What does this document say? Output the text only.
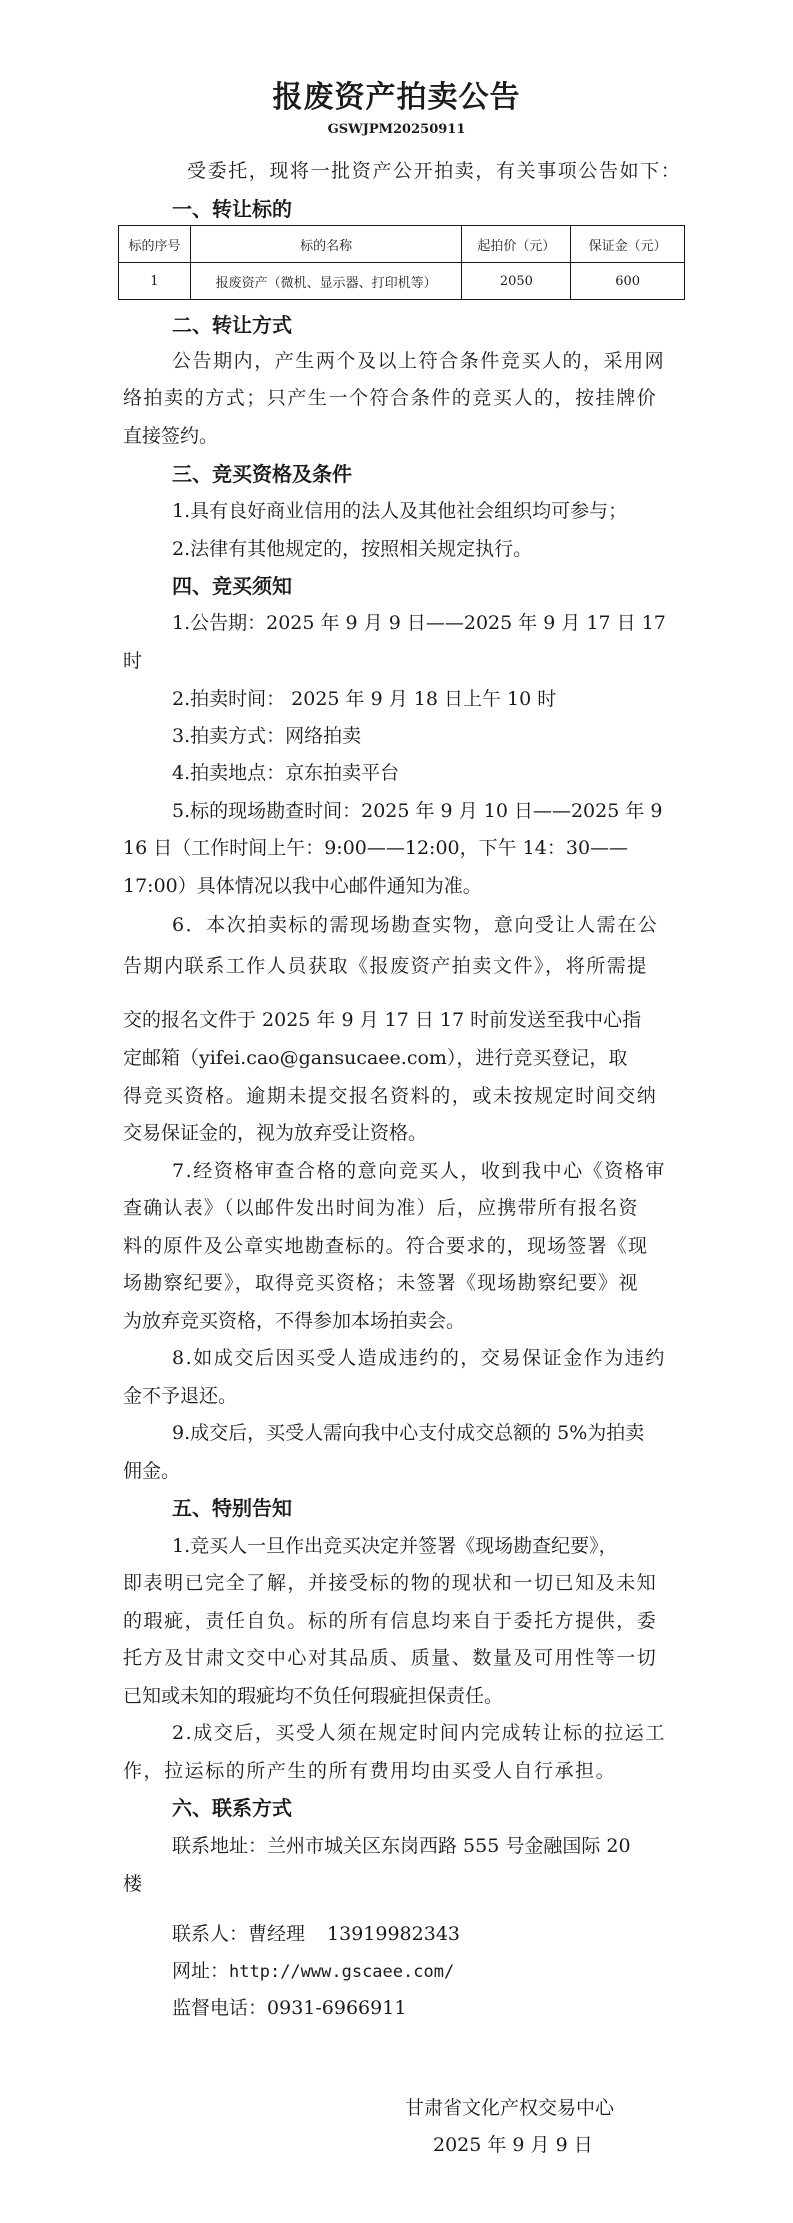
报废资产拍卖公告
GSWJPM20250911
受委托，现将一批资产公开拍卖，有关事项公告如下：
一、转让标的
标的序号	标的名称	起拍价（元）	保证金（元）
1	报废资产（微机、显示器、打印机等）	2050	600
二、转让方式
公告期内，产生两个及以上符合条件竞买人的，采用网
络拍卖的方式；只产生一个符合条件的竞买人的，按挂牌价
直接签约。
三、竞买资格及条件
1.具有良好商业信用的法人及其他社会组织均可参与；
2.法律有其他规定的，按照相关规定执行。
四、竞买须知
1.公告期：2025 年 9 月 9 日——2025 年 9 月 17 日 17
时
2.拍卖时间： 2025 年 9 月 18 日上午 10 时
3.拍卖方式：网络拍卖
4.拍卖地点：京东拍卖平台
5.标的现场勘查时间：2025 年 9 月 10 日——2025 年 9
16 日（工作时间上午：9:00——12:00，下午 14：30——
17:00）具体情况以我中心邮件通知为准。
6．本次拍卖标的需现场勘查实物，意向受让人需在公
告期内联系工作人员获取《报废资产拍卖文件》，将所需提
交的报名文件于 2025 年 9 月 17 日 17 时前发送至我中心指
定邮箱（yifei.cao@gansucaee.com），进行竞买登记，取
得竞买资格。逾期未提交报名资料的，或未按规定时间交纳
交易保证金的，视为放弃受让资格。
7.经资格审查合格的意向竞买人，收到我中心《资格审
查确认表》（以邮件发出时间为准）后，应携带所有报名资
料的原件及公章实地勘查标的。符合要求的，现场签署《现
场勘察纪要》，取得竞买资格；未签署《现场勘察纪要》视
为放弃竞买资格，不得参加本场拍卖会。
8.如成交后因买受人造成违约的，交易保证金作为违约
金不予退还。
9.成交后，买受人需向我中心支付成交总额的 5%为拍卖
佣金。
五、特别告知
1.竞买人一旦作出竞买决定并签署《现场勘查纪要》，
即表明已完全了解，并接受标的物的现状和一切已知及未知
的瑕疵，责任自负。标的所有信息均来自于委托方提供，委
托方及甘肃文交中心对其品质、质量、数量及可用性等一切
已知或未知的瑕疵均不负任何瑕疵担保责任。
2.成交后，买受人须在规定时间内完成转让标的拉运工
作，拉运标的所产生的所有费用均由买受人自行承担。
六、联系方式
联系地址：兰州市城关区东岗西路 555 号金融国际 20
楼
联系人：曹经理 13919982343
网址：http://www.gscaee.com/
监督电话：0931-6966911
甘肃省文化产权交易中心
2025 年 9 月 9 日
